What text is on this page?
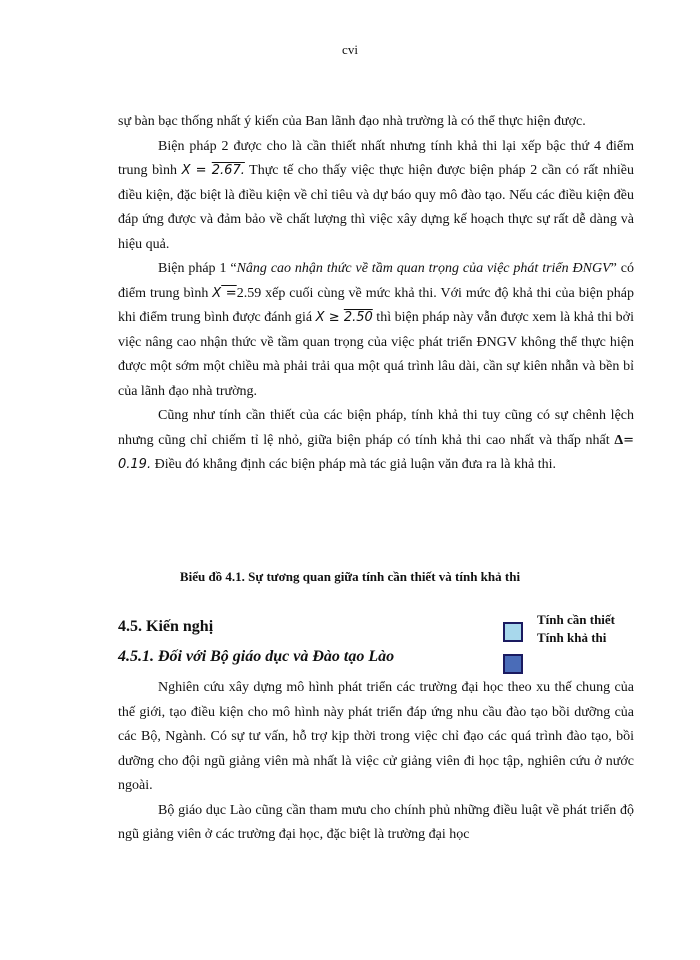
cvi

sự bàn bạc thống nhất ý kiến của Ban lãnh đạo nhà trường là có thể thực hiện được.

Biện pháp 2 được cho là cần thiết nhất nhưng tính khả thi lại xếp bậc thứ 4 điểm trung bình X = 2.67. Thực tế cho thấy việc thực hiện được biện pháp 2 cần có rất nhiều điều kiện, đặc biệt là điều kiện về chỉ tiêu và dự báo quy mô đào tạo. Nếu các điều kiện đều đáp ứng được và đảm bảo về chất lượng thì việc xây dựng kế hoạch thực sự rất dễ dàng và hiệu quả.

Biện pháp 1 “Nâng cao nhận thức về tầm quan trọng của việc phát triển ĐNGV” có điểm trung bình X =2.59 xếp cuối cùng về mức khả thi. Với mức độ khả thi của biện pháp khi điểm trung bình được đánh giá X ≥ 2.50 thì biện pháp này vẫn được xem là khả thi bởi việc nâng cao nhận thức về tầm quan trọng của việc phát triển ĐNGV không thể thực hiện được một sớm một chiều mà phải trải qua một quá trình lâu dài, cần sự kiên nhẫn và bền bỉ của lãnh đạo nhà trường.

Cũng như tính cần thiết của các biện pháp, tính khả thi tuy cũng có sự chênh lệch nhưng cũng chỉ chiếm tỉ lệ nhỏ, giữa biện pháp có tính khả thi cao nhất và thấp nhất Δ= 0.19. Điều đó khẳng định các biện pháp mà tác giả luận văn đưa ra là khả thi.

Biểu đồ 4.1. Sự tương quan giữa tính cần thiết và tính khả thi
4.5. Kiến nghị
4.5.1. Đối với Bộ giáo dục và Đào tạo Lào
Tính cần thiết
Tính khả thi

Nghiên cứu xây dựng mô hình phát triển các trường đại học theo xu thế chung của thế giới, tạo điều kiện cho mô hình này phát triển đáp ứng nhu cầu đào tạo bồi dưỡng của các Bộ, Ngành. Có sự tư vấn, hỗ trợ kịp thời trong việc chỉ đạo các quá trình đào tạo, bồi dưỡng cho đội ngũ giảng viên mà nhất là việc cử giảng viên đi học tập, nghiên cứu ở nước ngoài.

Bộ giáo dục Lào cũng cần tham mưu cho chính phủ những điều luật về phát triển độ ngũ giảng viên ở các trường đại học, đặc biệt là trường đại học
